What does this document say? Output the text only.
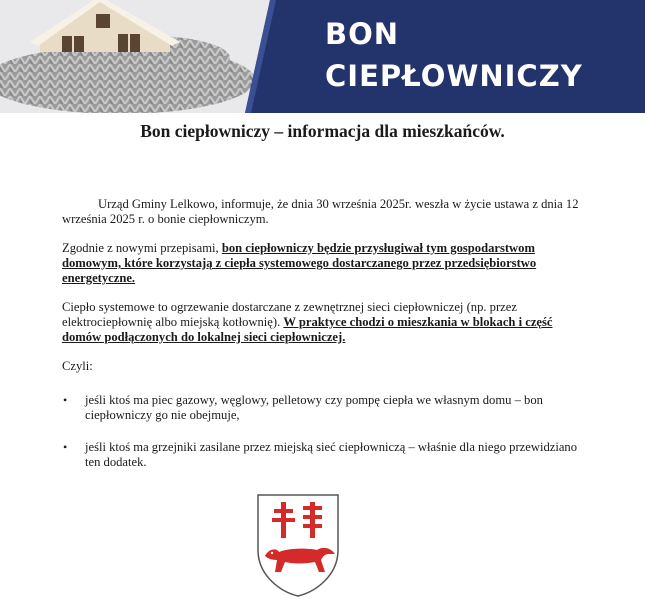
BON
CIEPŁOWNICZY
Bon ciepłowniczy – informacja dla mieszkańców.

Urząd Gminy Lelkowo, informuje, że dnia 30 września 2025r. weszła w życie ustawa z dnia 12 września 2025 r. o bonie ciepłowniczym.

Zgodnie z nowymi przepisami, bon ciepłowniczy będzie przysługiwał tym gospodarstwom domowym, które korzystają z ciepła systemowego dostarczanego przez przedsiębiorstwo energetyczne.

Ciepło systemowe to ogrzewanie dostarczane z zewnętrznej sieci ciepłowniczej (np. przez elektrociepłownię albo miejską kotłownię). W praktyce chodzi o mieszkania w blokach i część domów podłączonych do lokalnej sieci ciepłowniczej.

Czyli:

• jeśli ktoś ma piec gazowy, węglowy, pelletowy czy pompę ciepła we własnym domu – bon ciepłowniczy go nie obejmuje,
• jeśli ktoś ma grzejniki zasilane przez miejską sieć ciepłowniczą – właśnie dla niego przewidziano ten dodatek.
